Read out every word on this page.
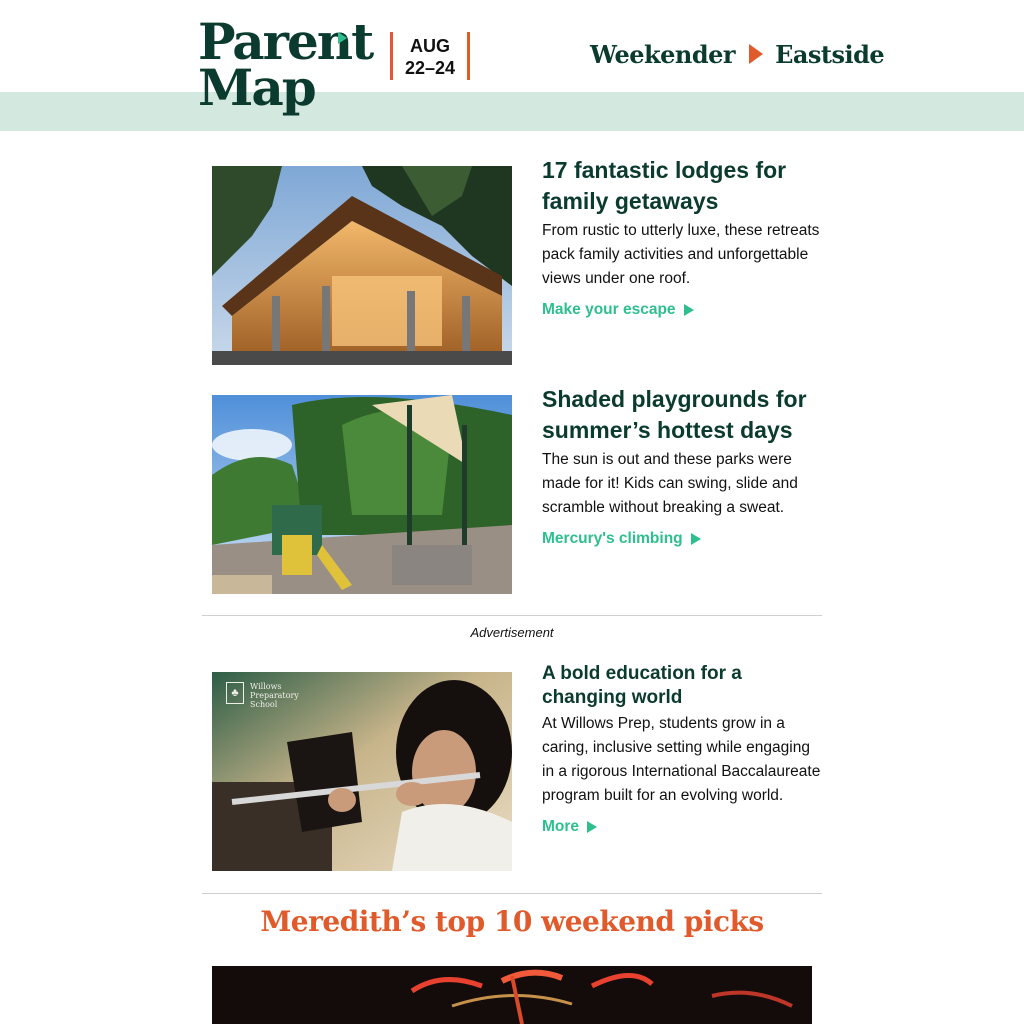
Parent
Map
AUG
22–24	Weekender Eastside
17 fantastic lodges for family getaways

From rustic to utterly luxe, these retreats pack family activities and unforgettable views under one roof.

Make your escape
Shaded playgrounds for summer’s hottest days

The sun is out and these parks were made for it! Kids can swing, slide and scramble without breaking a sweat.

Mercury's climbing
Advertisement
♣
Willows
Preparatory
School
A bold education for a changing world

At Willows Prep, students grow in a caring, inclusive setting while engaging in a rigorous International Baccalaureate program built for an evolving world.

More
Meredith’s top 10 weekend picks
